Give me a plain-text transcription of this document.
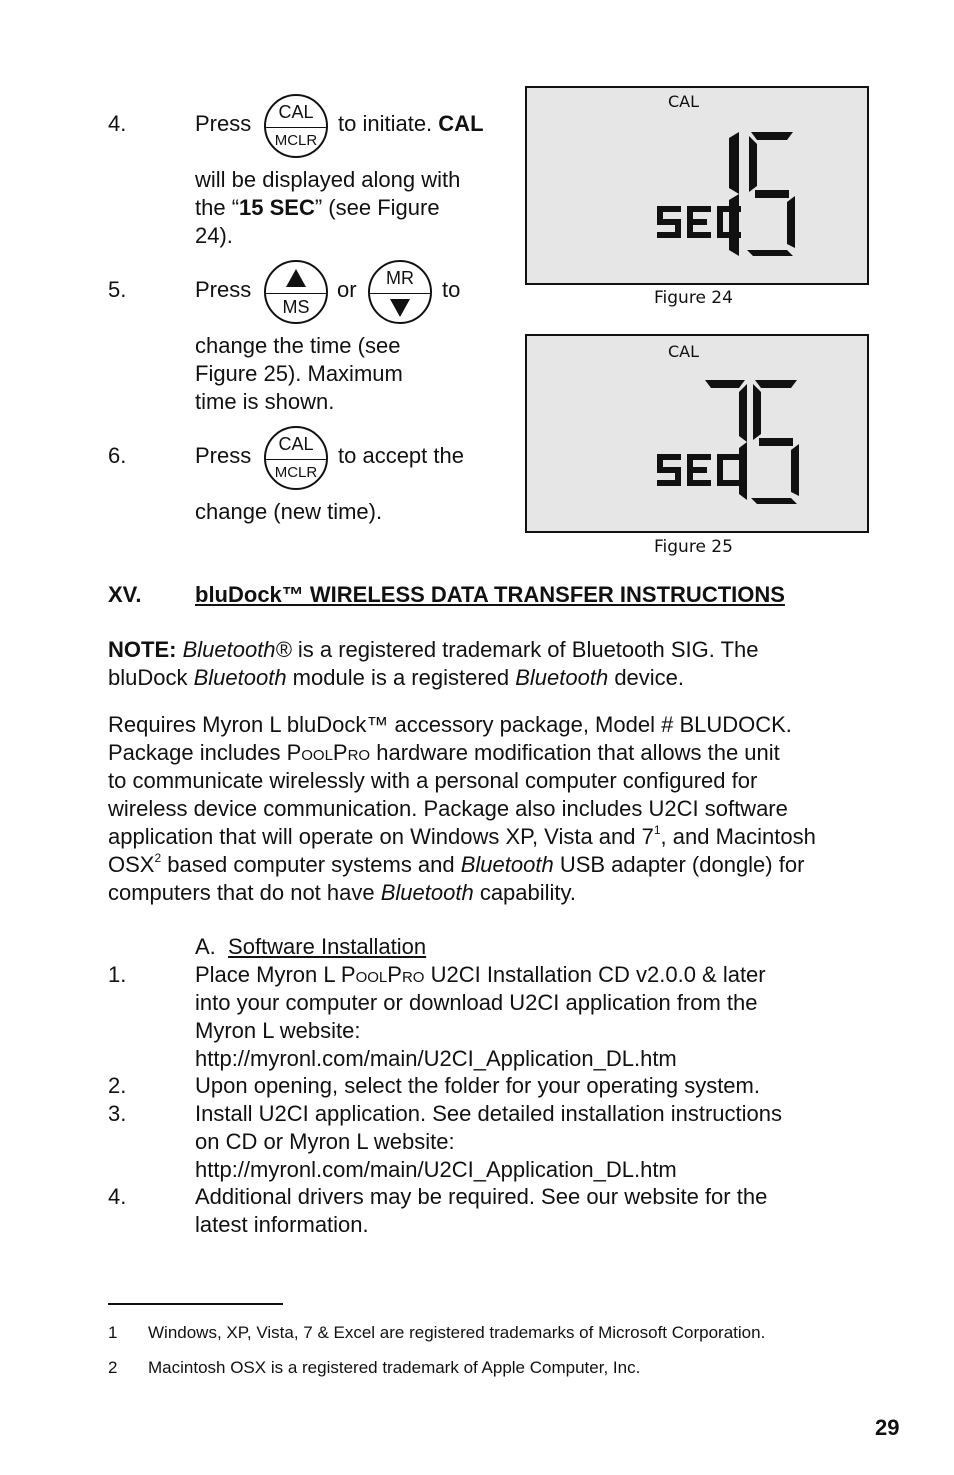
4.	Press	CAL
MCLR
to initiate. CAL
will be displayed along with
the “15 SEC” (see Figure
24).
5.	Press
MS
or	MR	to
change the time (see
Figure 25). Maximum
time is shown.
6.	Press	CAL
MCLR
to accept the
change (new time).
CAL
Figure 24
CAL
Figure 25
XV. bluDock™ WIRELESS DATA TRANSFER INSTRUCTIONS
NOTE: Bluetooth® is a registered trademark of Bluetooth SIG. The
bluDock Bluetooth module is a registered Bluetooth device.
Requires Myron L bluDock™ accessory package, Model # BLUDOCK.
Package includes PoolPro hardware modification that allows the unit
to communicate wirelessly with a personal computer configured for
wireless device communication. Package also includes U2CI software
application that will operate on Windows XP, Vista and $7^1$, and Macintosh
OSX$^2$ based computer systems and Bluetooth USB adapter (dongle) for
computers that do not have Bluetooth capability.
A. Software Installation
1.	Place Myron L PoolPro U2CI Installation CD v2.0.0 & later
into your computer or download U2CI application from the
Myron L website:
http://myronl.com/main/U2CI_Application_DL.htm
2.	Upon opening, select the folder for your operating system.
3.	Install U2CI application. See detailed installation instructions
on CD or Myron L website:
http://myronl.com/main/U2CI_Application_DL.htm
4.	Additional drivers may be required. See our website for the
latest information.
1 Windows, XP, Vista, 7 & Excel are registered trademarks of Microsoft Corporation.
2 Macintosh OSX is a registered trademark of Apple Computer, Inc.
29
